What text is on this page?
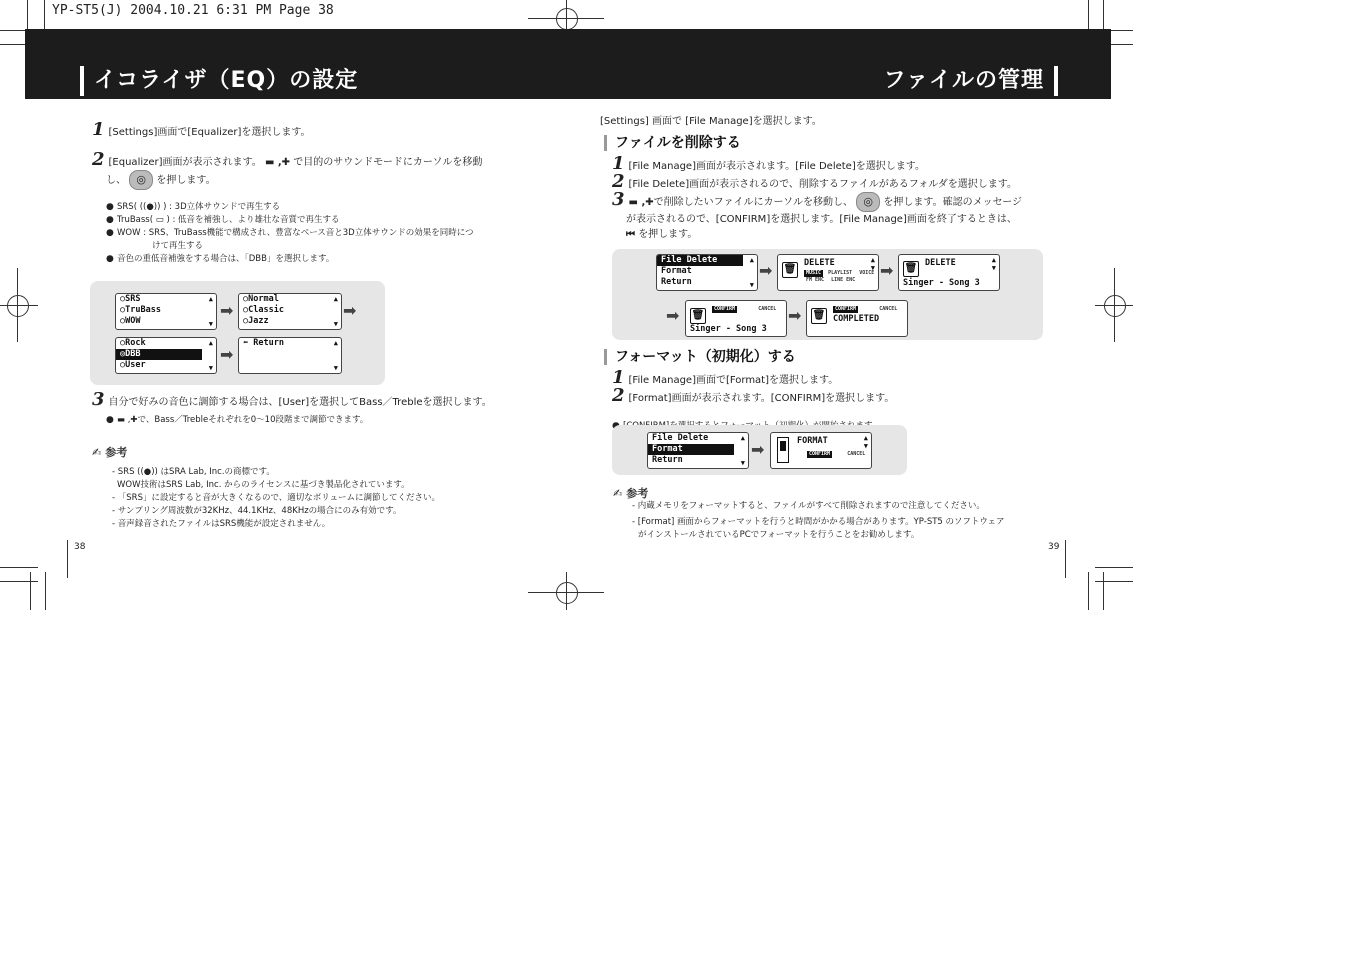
YP-ST5(J) 2004.10.21 6:31 PM Page 38
イコライザ（EQ）の設定	ファイルの管理
1 [Settings]画面で[Equalizer]を選択します。
2 [Equalizer]画面が表示されます。 ▬ ,✚ で目的のサウンドモードにカーソルを移動
し、 ◎ を押します。
● SRS( ((●)) ) : 3D立体サウンドで再生する
● TruBass( ▭ ) : 低音を補強し、より雄壮な音質で再生する
● WOW : SRS、TruBass機能で構成され、豊富なベース音と3D立体サウンドの効果を同時につ
けて再生する
● 音色の重低音補強をする場合は、「DBB」を選択します。
○SRS
○TruBass
○WOW
▲
▼
➡
○Normal
○Classic
○Jazz
▲
▼
➡
○Rock
◎DBB
○User
▲
▼
➡
⬅ Return	▲
▼
3 自分で好みの音色に調節する場合は、[User]を選択してBass／Trebleを選択します。
● ▬ ,✚で、Bass／Trebleそれぞれを0～10段階まで調節できます。
✍ 参考
- SRS ((●)) はSRA Lab, Inc.の商標です。
WOW技術はSRS Lab, Inc. からのライセンスに基づき製品化されています。
- 「SRS」に設定すると音が大きくなるので、適切なボリュームに調節してください。
- サンプリング周波数が32KHz、44.1KHz、48KHzの場合にのみ有効です。
- 音声録音されたファイルはSRS機能が設定されません。
38
[Settings] 画面で [File Manage]を選択します。
ファイルを削除する
1 [File Manage]画面が表示されます。[File Delete]を選択します。
2 [File Delete]画面が表示されるので、削除するファイルがあるフォルダを選択します。
3 ▬ ,✚で削除したいファイルにカーソルを移動し、 ◎ を押します。確認のメッセージ
が表示されるので、[CONFIRM]を選択します。[File Manage]画面を終了するときは、
⏮ を押します。
File Delete
Format
Return
▲
▼
➡ 🗑
DELETE
MUSIC PLAYLIST VOICE
FM ENC LINE ENC
▲
▼ ➡ 🗑 DELETE
Singer - Song 3
▲
▼
➡ 🗑
CONFIRM	CANCEL
Singer - Song 3
➡ 🗑
CONFIRM	CANCEL
COMPLETED
フォーマット（初期化）する
1 [File Manage]画面で[Format]を選択します。
2 [Format]画面が表示されます。[CONFIRM]を選択します。
●
File Delete
Format
Return
▲
▼
➡	FORMAT
CONFIRM	CANCEL
▲
▼
✍ 参考
- 内蔵メモリをフォーマットすると、ファイルがすべて削除されますので注意してください。
- [Format] 画面からフォーマットを行うと時間がかかる場合があります。YP-ST5 のソフトウェア
がインストールされているPCでフォーマットを行うことをお勧めします。
39
